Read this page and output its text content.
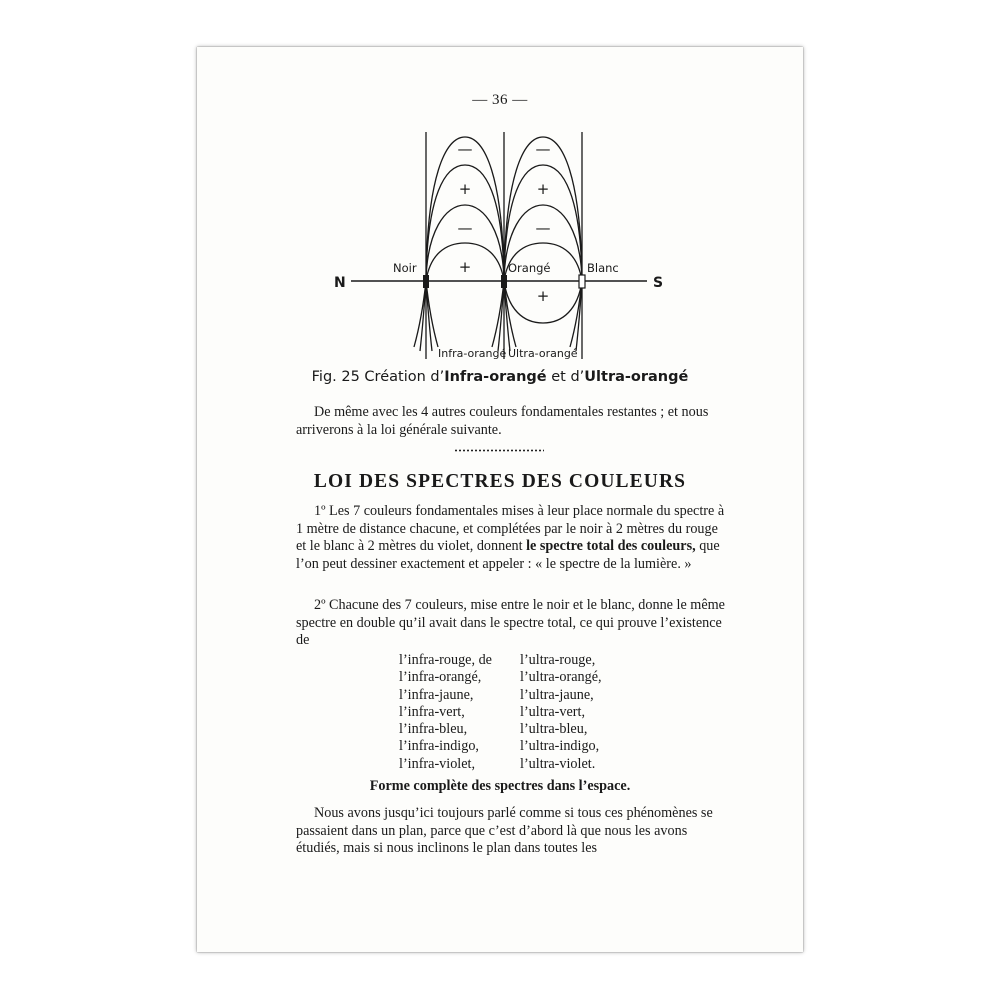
— 36 —
—
+
—
+
—
+
—
+
N	S
Noir	Orangé	Blanc
Infra-orangé Ultra-orangé
Fig. 25 Création d’Infra-orangé et d’Ultra-orangé
De même avec les 4 autres couleurs fondamentales restantes ; et nous arriverons à la loi générale suivante.
LOI DES SPECTRES DES COULEURS
1º Les 7 couleurs fondamentales mises à leur place normale du spectre à 1 mètre de distance chacune, et complétées par le noir à 2 mètres du rouge et le blanc à 2 mètres du violet, donnent le spectre total des couleurs, que l’on peut dessiner exactement et appeler : « le spectre de la lumière. »
2º Chacune des 7 couleurs, mise entre le noir et le blanc, donne le même spectre en double qu’il avait dans le spectre total, ce qui prouve l’existence de
l’infra-rouge, de	l’ultra-rouge,
l’infra-orangé,	l’ultra-orangé,
l’infra-jaune,	l’ultra-jaune,
l’infra-vert,	l’ultra-vert,
l’infra-bleu,	l’ultra-bleu,
l’infra-indigo,	l’ultra-indigo,
l’infra-violet,	l’ultra-violet.
Forme complète des spectres dans l’espace.
Nous avons jusqu’ici toujours parlé comme si tous ces phénomènes se passaient dans un plan, parce que c’est d’abord là que nous les avons étudiés, mais si nous inclinons le plan dans toutes les
